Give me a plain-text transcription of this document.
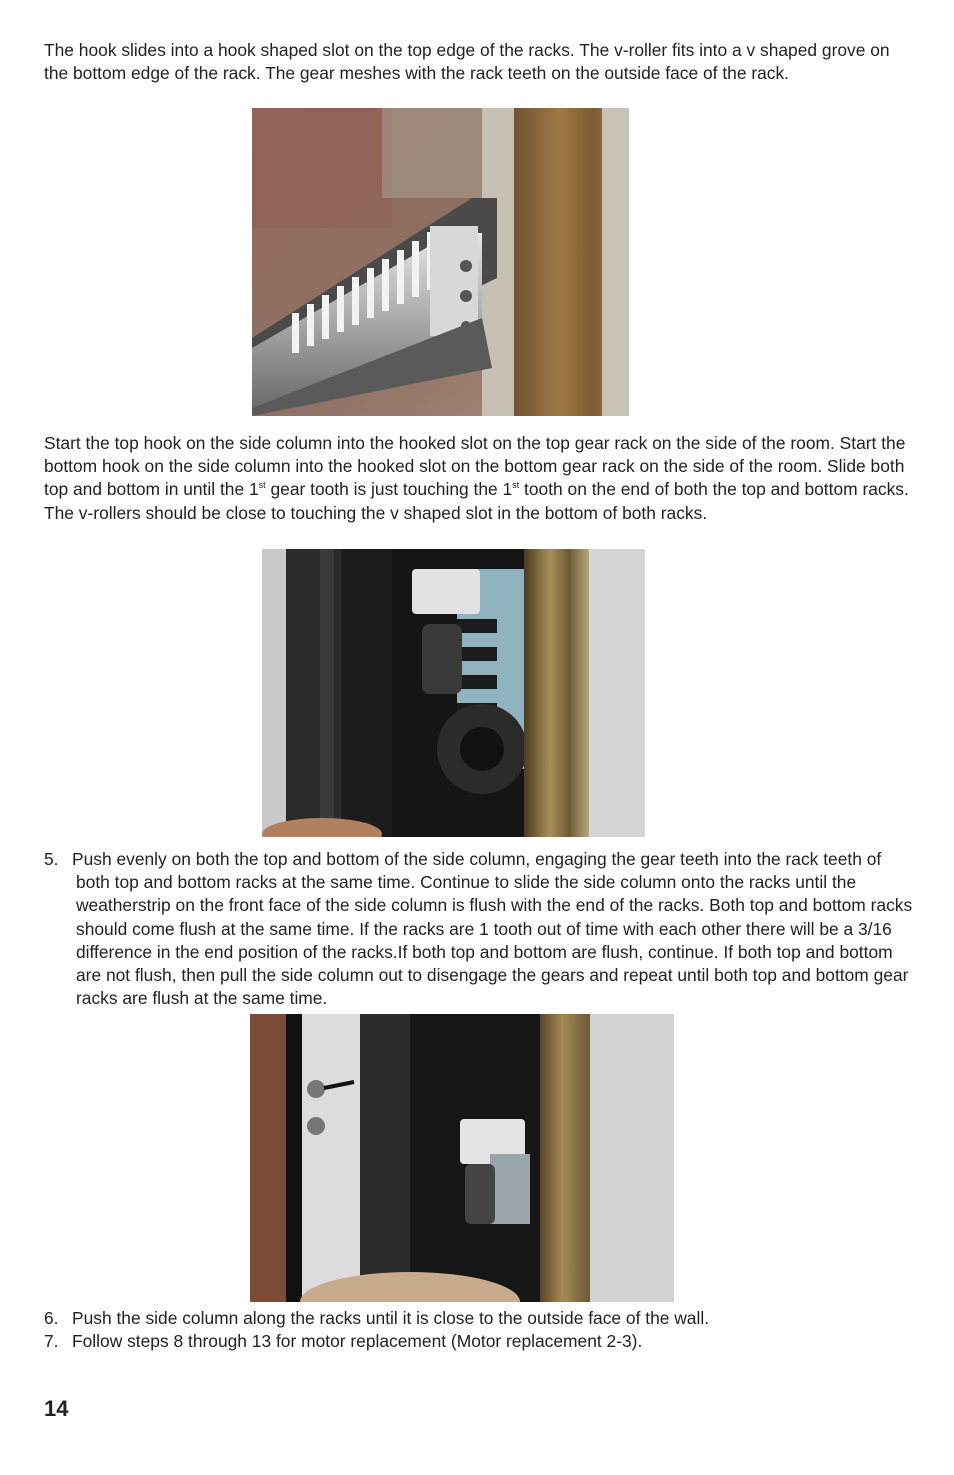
The hook slides into a hook shaped slot on the top edge of the racks. The v-roller fits into a v shaped grove on the bottom edge of the rack. The gear meshes with the rack teeth on the outside face of the rack.

Start the top hook on the side column into the hooked slot on the top gear rack on the side of the room. Start the bottom hook on the side column into the hooked slot on the bottom gear rack on the side of the room. Slide both top and bottom in until the 1st gear tooth is just touching the 1st tooth on the end of both the top and bottom racks. The v-rollers should be close to touching the v shaped slot in the bottom of both racks.

5. Push evenly on both the top and bottom of the side column, engaging the gear teeth into the rack teeth of both top and bottom racks at the same time. Continue to slide the side column onto the racks until the weatherstrip on the front face of the side column is flush with the end of the racks. Both top and bottom racks should come flush at the same time. If the racks are 1 tooth out of time with each other there will be a 3/16 difference in the end position of the racks.If both top and bottom are flush, continue. If both top and bottom are not flush, then pull the side column out to disengage the gears and repeat until both top and bottom gear racks are flush at the same time.
6. Push the side column along the racks until it is close to the outside face of the wall.
7. Follow steps 8 through 13 for motor replacement (Motor replacement 2-3).

14
